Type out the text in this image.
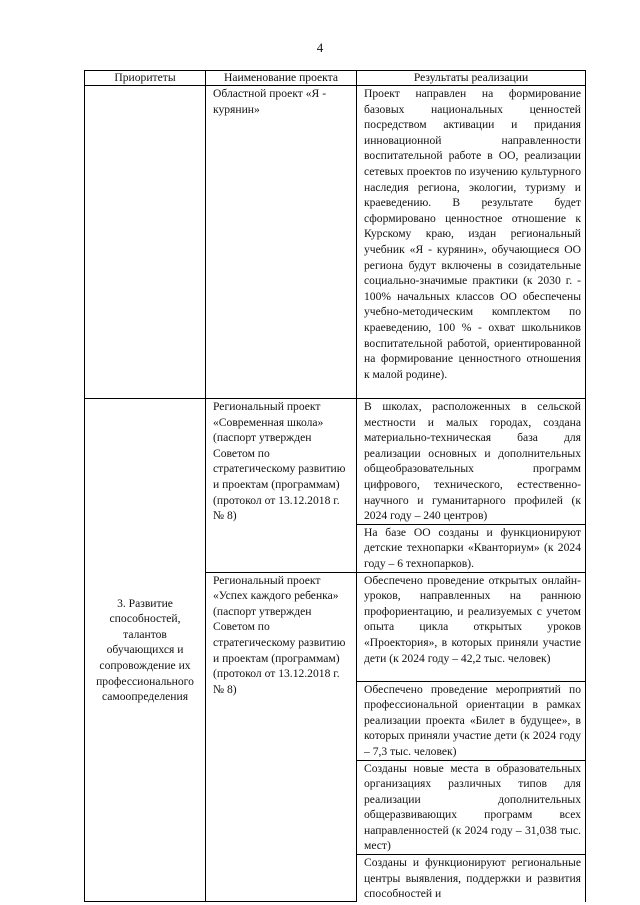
4
Приоритеты	Наименование проекта	Результаты реализации
	Областной проект «Я - курянин»	Проект направлен на формирование базовых национальных ценностей посредством активации и придания инновационной направленности воспитательной работе в ОО, реализации сетевых проектов по изучению культурного наследия региона, экологии, туризму и краеведению. В результате будет сформировано ценностное отношение к Курскому краю, издан региональный учебник «Я - курянин», обучающиеся ОО региона будут включены в созидательные социально-значимые практики (к 2030 г. - 100% начальных классов ОО обеспечены учебно-методическим комплектом по краеведению, 100 % - охват школьников воспитательной работой, ориентированной на формирование ценностного отношения к малой родине).
3. Развитие способностей, талантов обучающихся и сопровождение их профессионального самоопределения	Региональный проект «Современная школа» (паспорт утвержден Советом по стратегическому развитию и проектам (программам) (протокол от 13.12.2018 г. № 8)	В школах, расположенных в сельской местности и малых городах, создана материально-техническая база для реализации основных и дополнительных общеобразовательных программ цифрового, технического, естественно-научного и гуманитарного профилей (к 2024 году – 240 центров)
		На базе ОО созданы и функционируют детские технопарки «Кванториум» (к 2024 году – 6 технопарков).
	Региональный проект «Успех каждого ребенка» (паспорт утвержден Советом по стратегическому развитию и проектам (программам) (протокол от 13.12.2018 г. № 8)	Обеспечено проведение открытых онлайн-уроков, направленных на раннюю профориентацию, и реализуемых с учетом опыта цикла открытых уроков «Проектория», в которых приняли участие дети (к 2024 году – 42,2 тыс. человек)
		Обеспечено проведение мероприятий по профессиональной ориентации в рамках реализации проекта «Билет в будущее», в которых приняли участие дети (к 2024 году – 7,3 тыс. человек)
		Созданы новые места в образовательных организациях различных типов для реализации дополнительных общеразвивающих программ всех направленностей (к 2024 году – 31,038 тыс. мест)
		Созданы и функционируют региональные центры выявления, поддержки и развития способностей и
